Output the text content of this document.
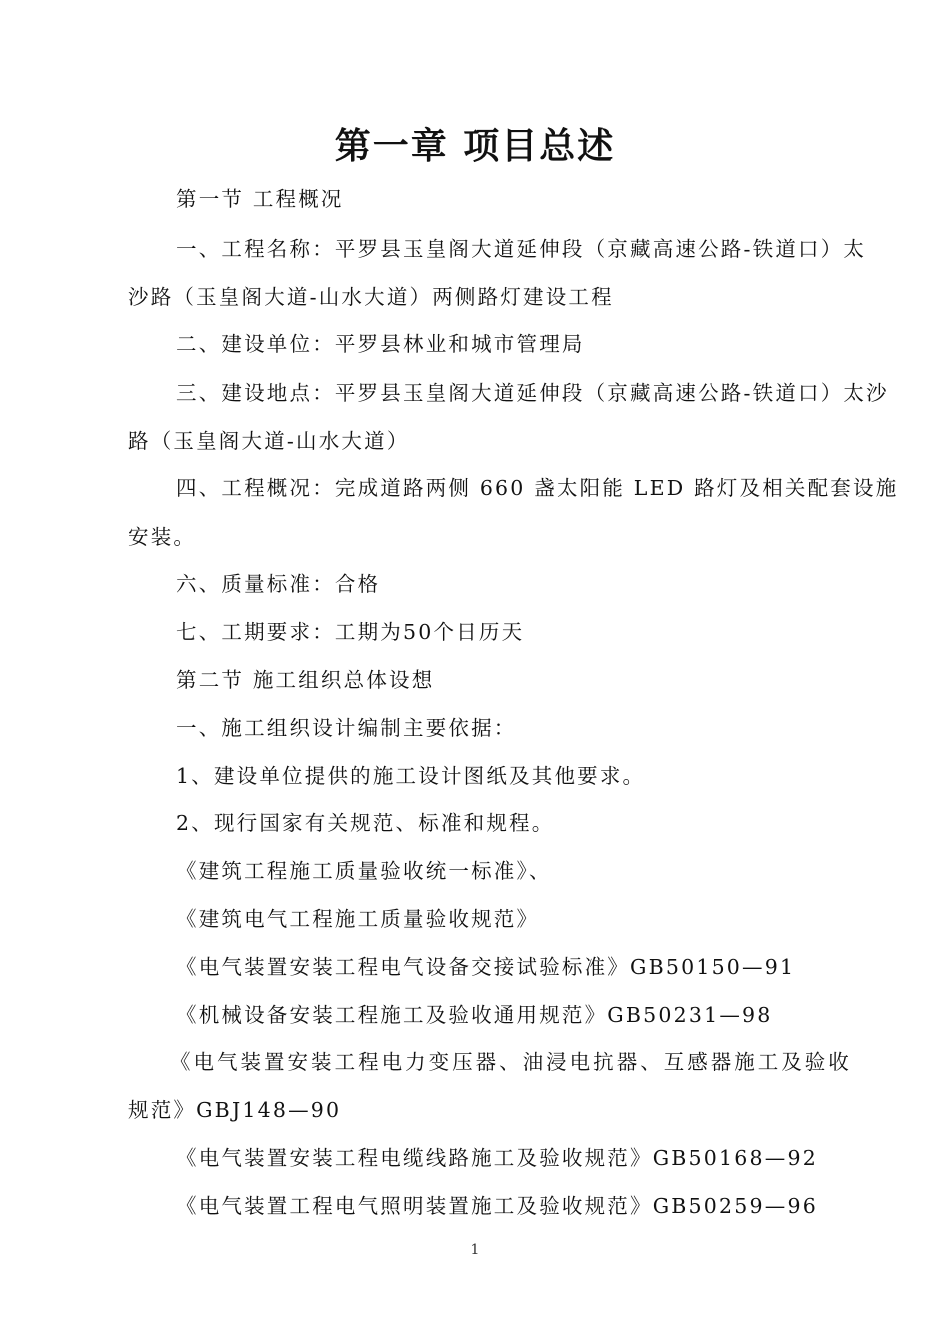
第一章 项目总述
第一节 工程概况
一、工程名称：平罗县玉皇阁大道延伸段（京藏高速公路-铁道口）太
沙路（玉皇阁大道-山水大道）两侧路灯建设工程
二、建设单位：平罗县林业和城市管理局
三、建设地点：平罗县玉皇阁大道延伸段（京藏高速公路-铁道口）太沙
路（玉皇阁大道-山水大道）
四、工程概况：完成道路两侧 660 盏太阳能 LED 路灯及相关配套设施
安装。
六、质量标准：合格
七、工期要求：工期为50个日历天
第二节 施工组织总体设想
一、施工组织设计编制主要依据：
1、建设单位提供的施工设计图纸及其他要求。
2、现行国家有关规范、标准和规程。
《建筑工程施工质量验收统一标准》、
《建筑电气工程施工质量验收规范》
《电气装置安装工程电气设备交接试验标准》GB50150—91
《机械设备安装工程施工及验收通用规范》GB50231—98
《电气装置安装工程电力变压器、油浸电抗器、互感器施工及验收
规范》GBJ148—90
《电气装置安装工程电缆线路施工及验收规范》GB50168—92
《电气装置工程电气照明装置施工及验收规范》GB50259—96
1
